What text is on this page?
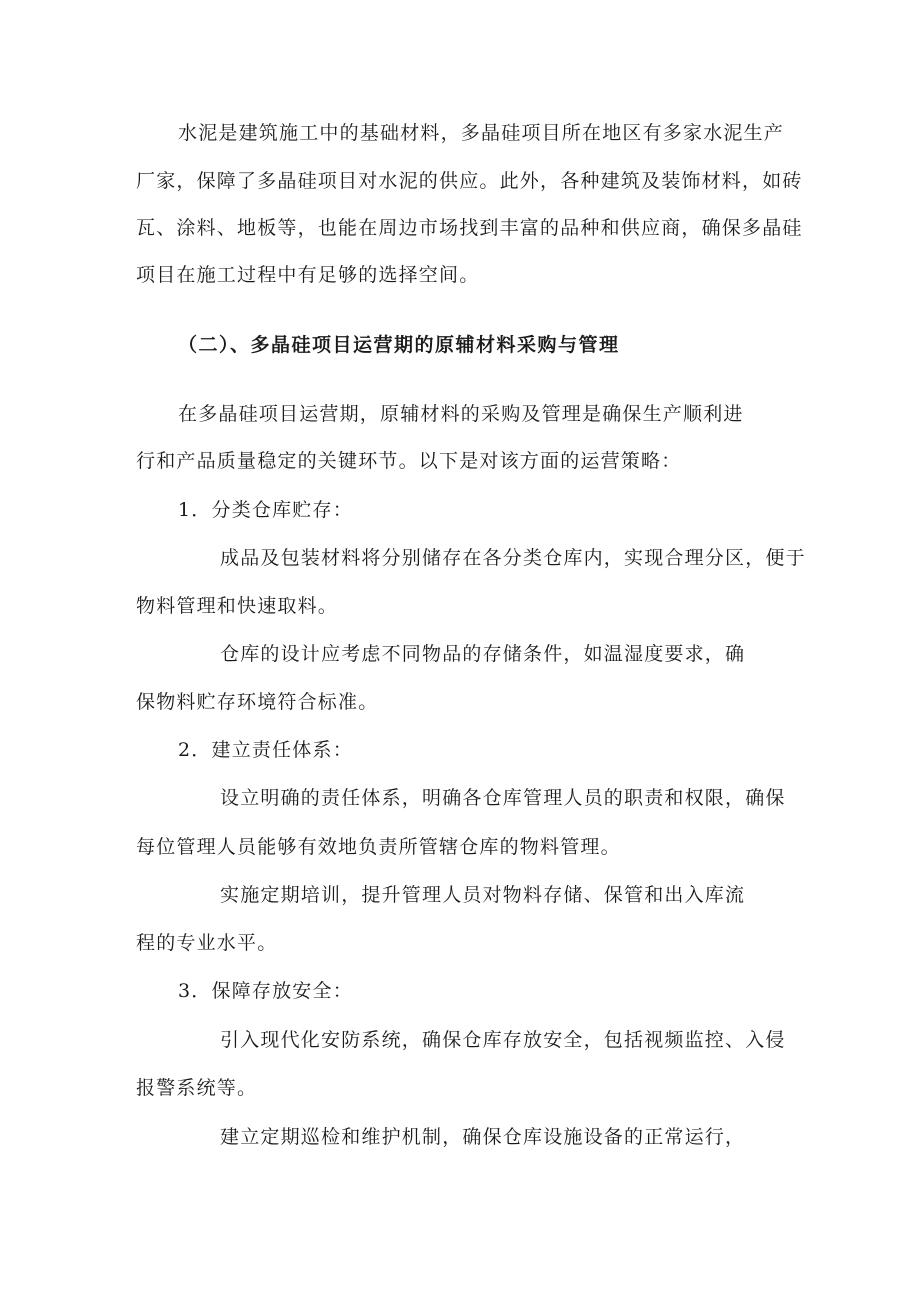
水泥是建筑施工中的基础材料，多晶硅项目所在地区有多家水泥生产
厂家，保障了多晶硅项目对水泥的供应。此外，各种建筑及装饰材料，如砖
瓦、涂料、地板等，也能在周边市场找到丰富的品种和供应商，确保多晶硅
项目在施工过程中有足够的选择空间。
（二）、多晶硅项目运营期的原辅材料采购与管理
在多晶硅项目运营期，原辅材料的采购及管理是确保生产顺利进
行和产品质量稳定的关键环节。以下是对该方面的运营策略：
1．分类仓库贮存：
成品及包装材料将分别储存在各分类仓库内，实现合理分区，便于
物料管理和快速取料。
仓库的设计应考虑不同物品的存储条件，如温湿度要求，确
保物料贮存环境符合标准。
2．建立责任体系：
设立明确的责任体系，明确各仓库管理人员的职责和权限，确保
每位管理人员能够有效地负责所管辖仓库的物料管理。
实施定期培训，提升管理人员对物料存储、保管和出入库流
程的专业水平。
3．保障存放安全：
引入现代化安防系统，确保仓库存放安全，包括视频监控、入侵
报警系统等。
建立定期巡检和维护机制，确保仓库设施设备的正常运行，
